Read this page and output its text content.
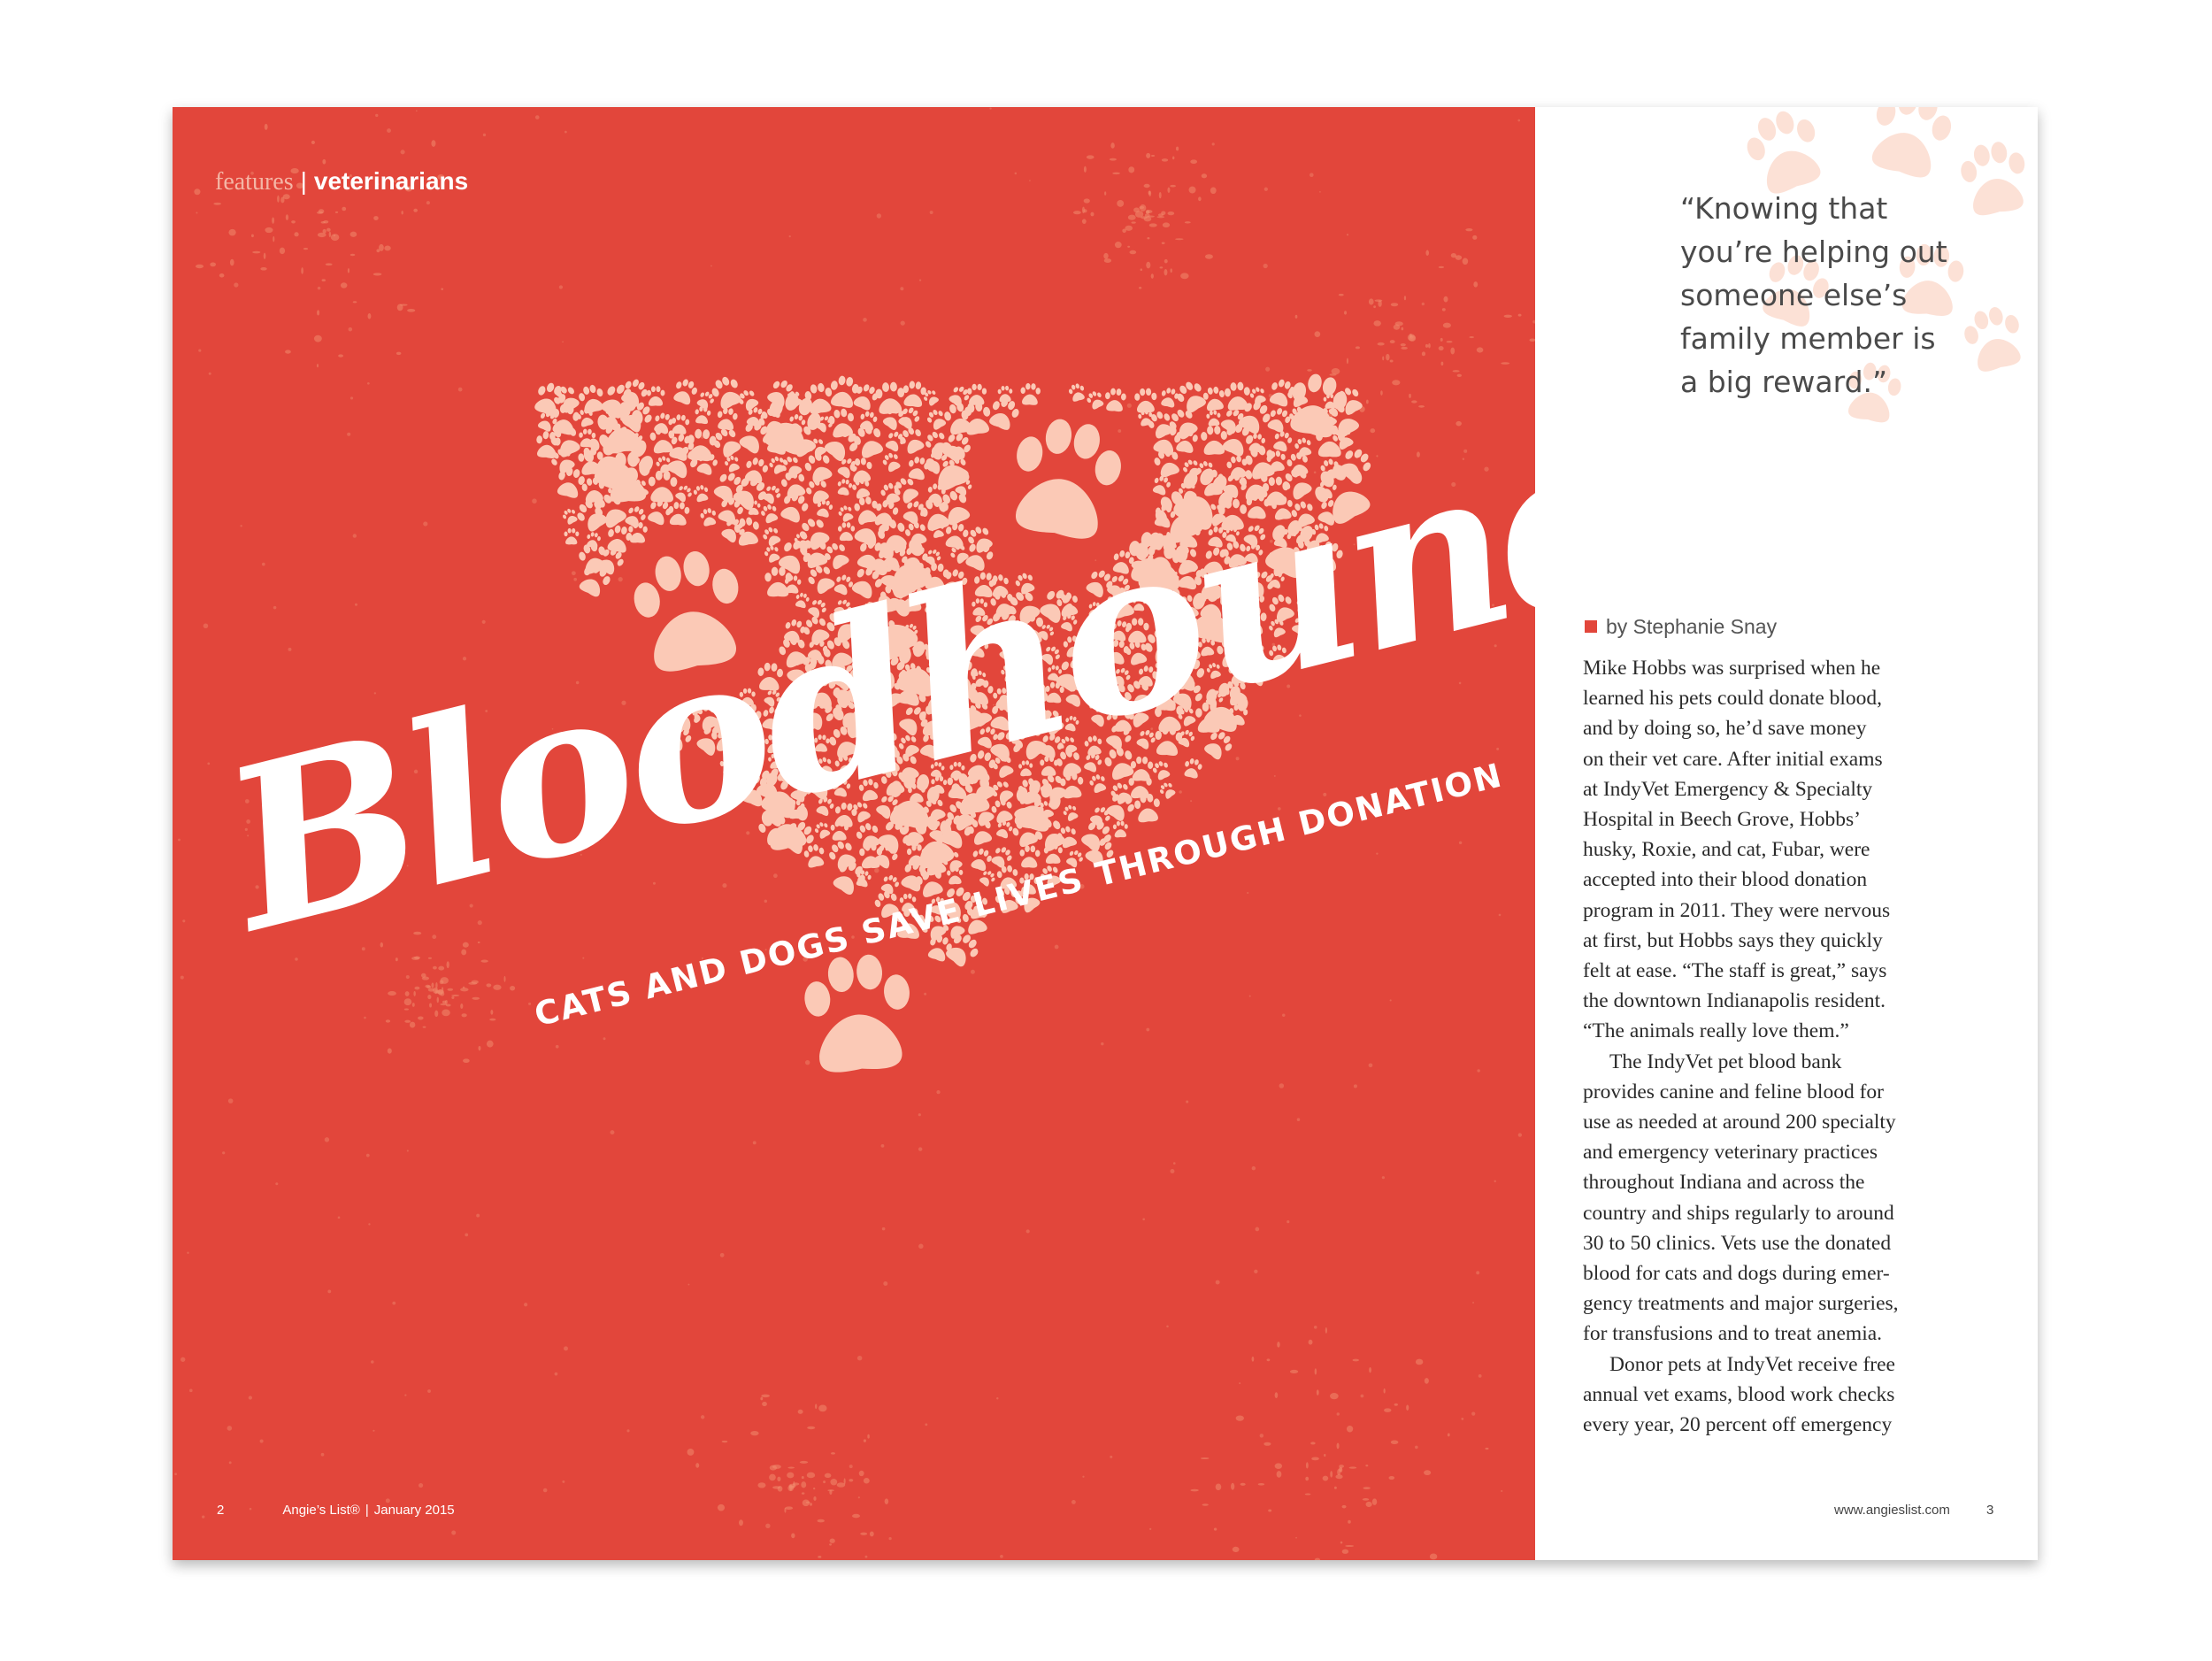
features | veterinarians
Bloodhounds
CATS AND DOGS SAVE LIVES THROUGH DONATION
2	Angie’s List® | January 2015
“Knowing that
you’re helping out
someone else’s
family member is
a big reward.”
by Stephanie Snay

Mike Hobbs was surprised when he
learned his pets could donate blood,
and by doing so, he’d save money
on their vet care. After initial exams
at IndyVet Emergency & Specialty
Hospital in Beech Grove, Hobbs’
husky, Roxie, and cat, Fubar, were
accepted into their blood donation
program in 2011. They were nervous
at first, but Hobbs says they quickly
felt at ease. “The staff is great,” says
the downtown Indianapolis resident.
“The animals really love them.”

The IndyVet pet blood bank
provides canine and feline blood for
use as needed at around 200 specialty
and emergency veterinary practices
throughout Indiana and across the
country and ships regularly to around
30 to 50 clinics. Vets use the donated
blood for cats and dogs during emer-
gency treatments and major surgeries,
for transfusions and to treat anemia.

Donor pets at IndyVet receive free
annual vet exams, blood work checks
every year, 20 percent off emergency

www.angieslist.com	3
